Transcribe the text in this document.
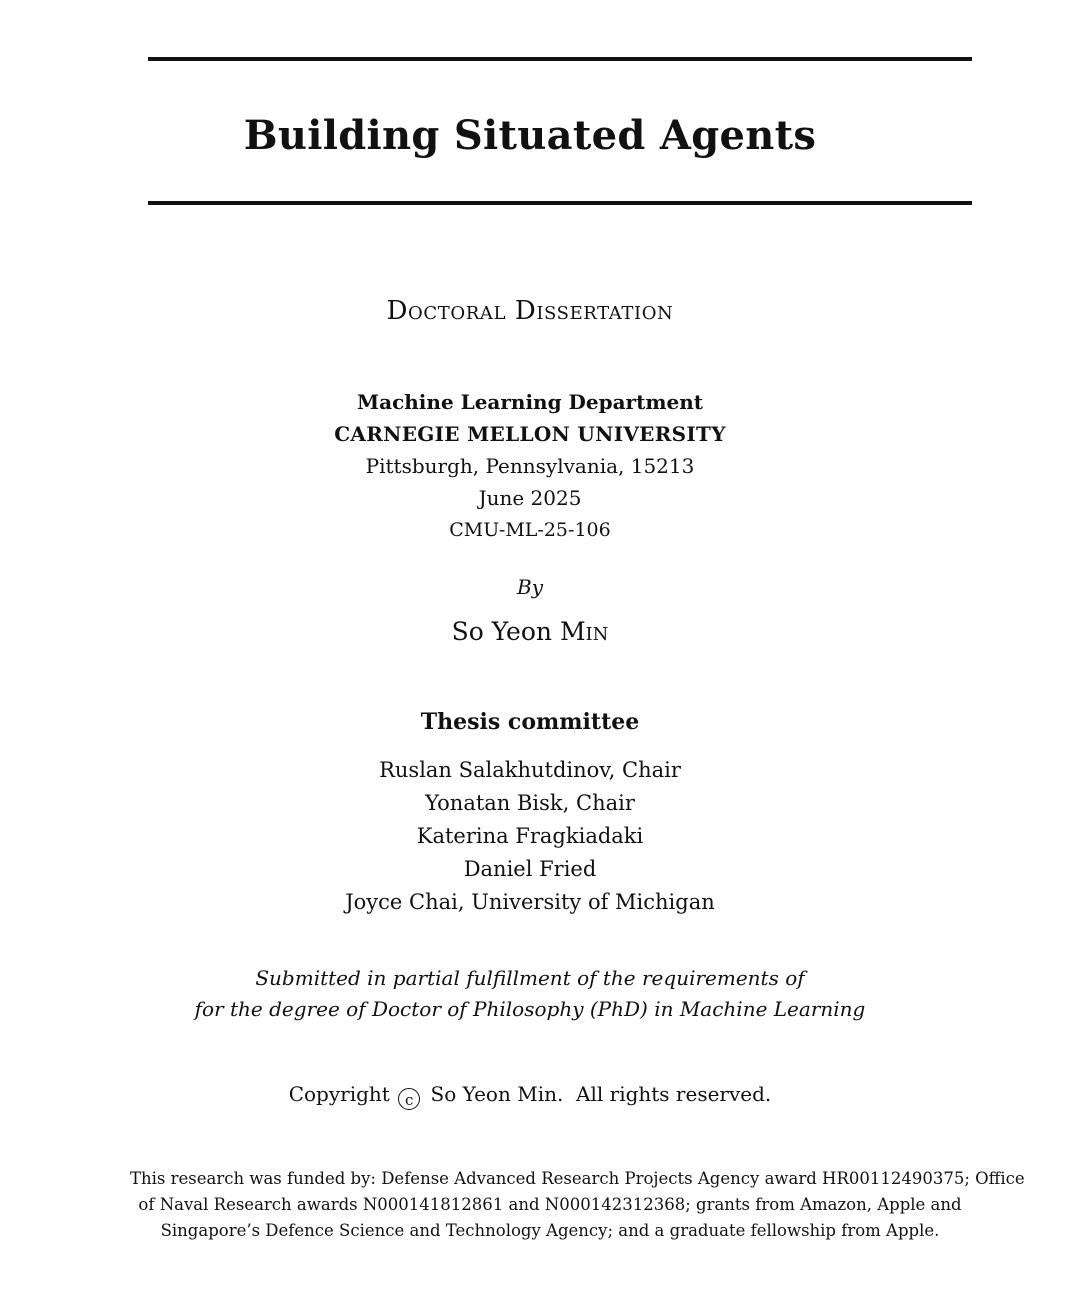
Building Situated Agents
Doctoral Dissertation
Machine Learning Department
CARNEGIE MELLON UNIVERSITY
Pittsburgh, Pennsylvania, 15213
June 2025
CMU-ML-25-106
By
So Yeon Min
Thesis committee
Ruslan Salakhutdinov, Chair
Yonatan Bisk, Chair
Katerina Fragkiadaki
Daniel Fried
Joyce Chai, University of Michigan
Submitted in partial fulfillment of the requirements of
for the degree of Doctor of Philosophy (PhD) in Machine Learning
Copyright c So Yeon Min.  All rights reserved.
This research was funded by: Defense Advanced Research Projects Agency award HR00112490375; Office
of Naval Research awards N000141812861 and N000142312368; grants from Amazon, Apple and
Singapore’s Defence Science and Technology Agency; and a graduate fellowship from Apple.
